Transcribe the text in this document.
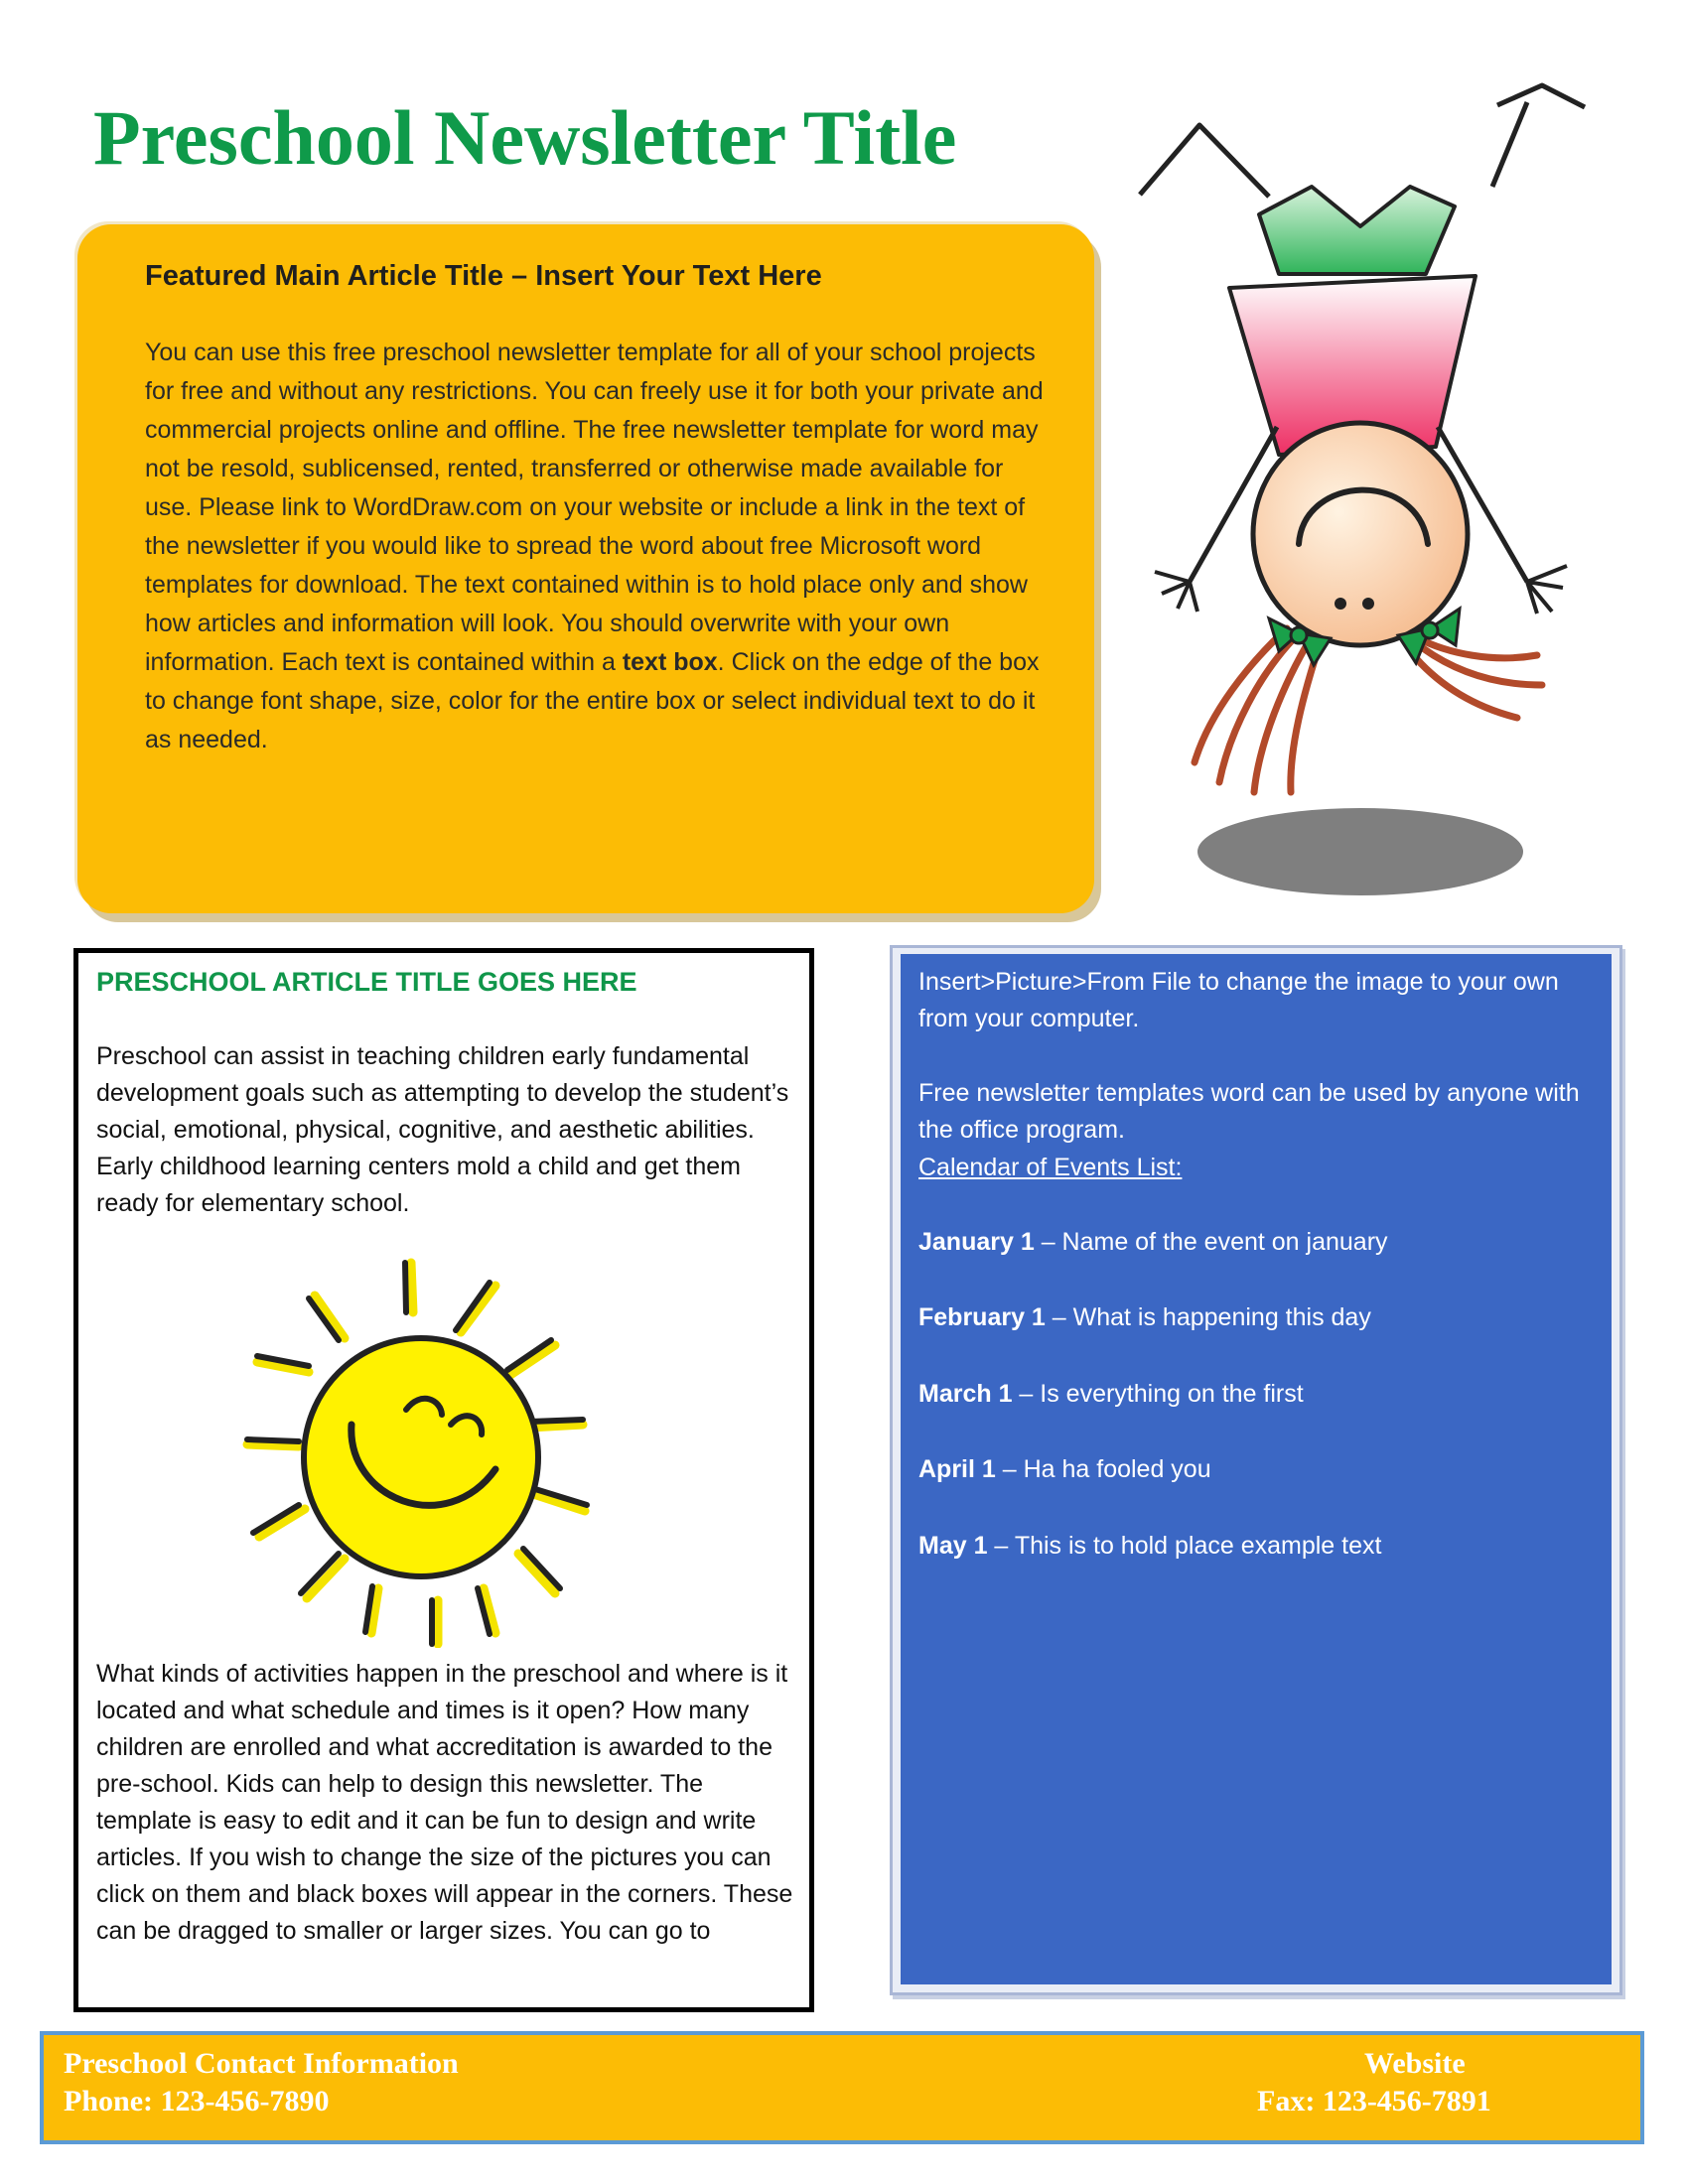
Preschool Newsletter Title
Featured Main Article Title – Insert Your Text Here

You can use this free preschool newsletter template for all of your school projects for free and without any restrictions. You can freely use it for both your private and commercial projects online and offline. The free newsletter template for word may not be resold, sublicensed, rented, transferred or otherwise made available for use. Please link to WordDraw.com on your website or include a link in the text of the newsletter if you would like to spread the word about free Microsoft word templates for download. The text contained within is to hold place only and show how articles and information will look. You should overwrite with your own information. Each text is contained within a text box. Click on the edge of the box to change font shape, size, color for the entire box or select individual text to do it as needed.

PRESCHOOL ARTICLE TITLE GOES HERE

Preschool can assist in teaching children early fundamental development goals such as attempting to develop the student’s social, emotional, physical, cognitive, and aesthetic abilities. Early childhood learning centers mold a child and get them ready for elementary school.

What kinds of activities happen in the preschool and where is it located and what schedule and times is it open? How many children are enrolled and what accreditation is awarded to the pre-school. Kids can help to design this newsletter. The template is easy to edit and it can be fun to design and write articles. If you wish to change the size of the pictures you can click on them and black boxes will appear in the corners. These can be dragged to smaller or larger sizes. You can go to

Insert>Picture>From File to change the image to your own from your computer.

Free newsletter templates word can be used by anyone with the office program.

Calendar of Events List:

January 1 – Name of the event on january

February 1 – What is happening this day

March 1 – Is everything on the first

April 1 – Ha ha fooled you

May 1 – This is to hold place example text

Preschool Contact Information
Phone: 123-456-7890
Website
Fax: 123-456-7891
